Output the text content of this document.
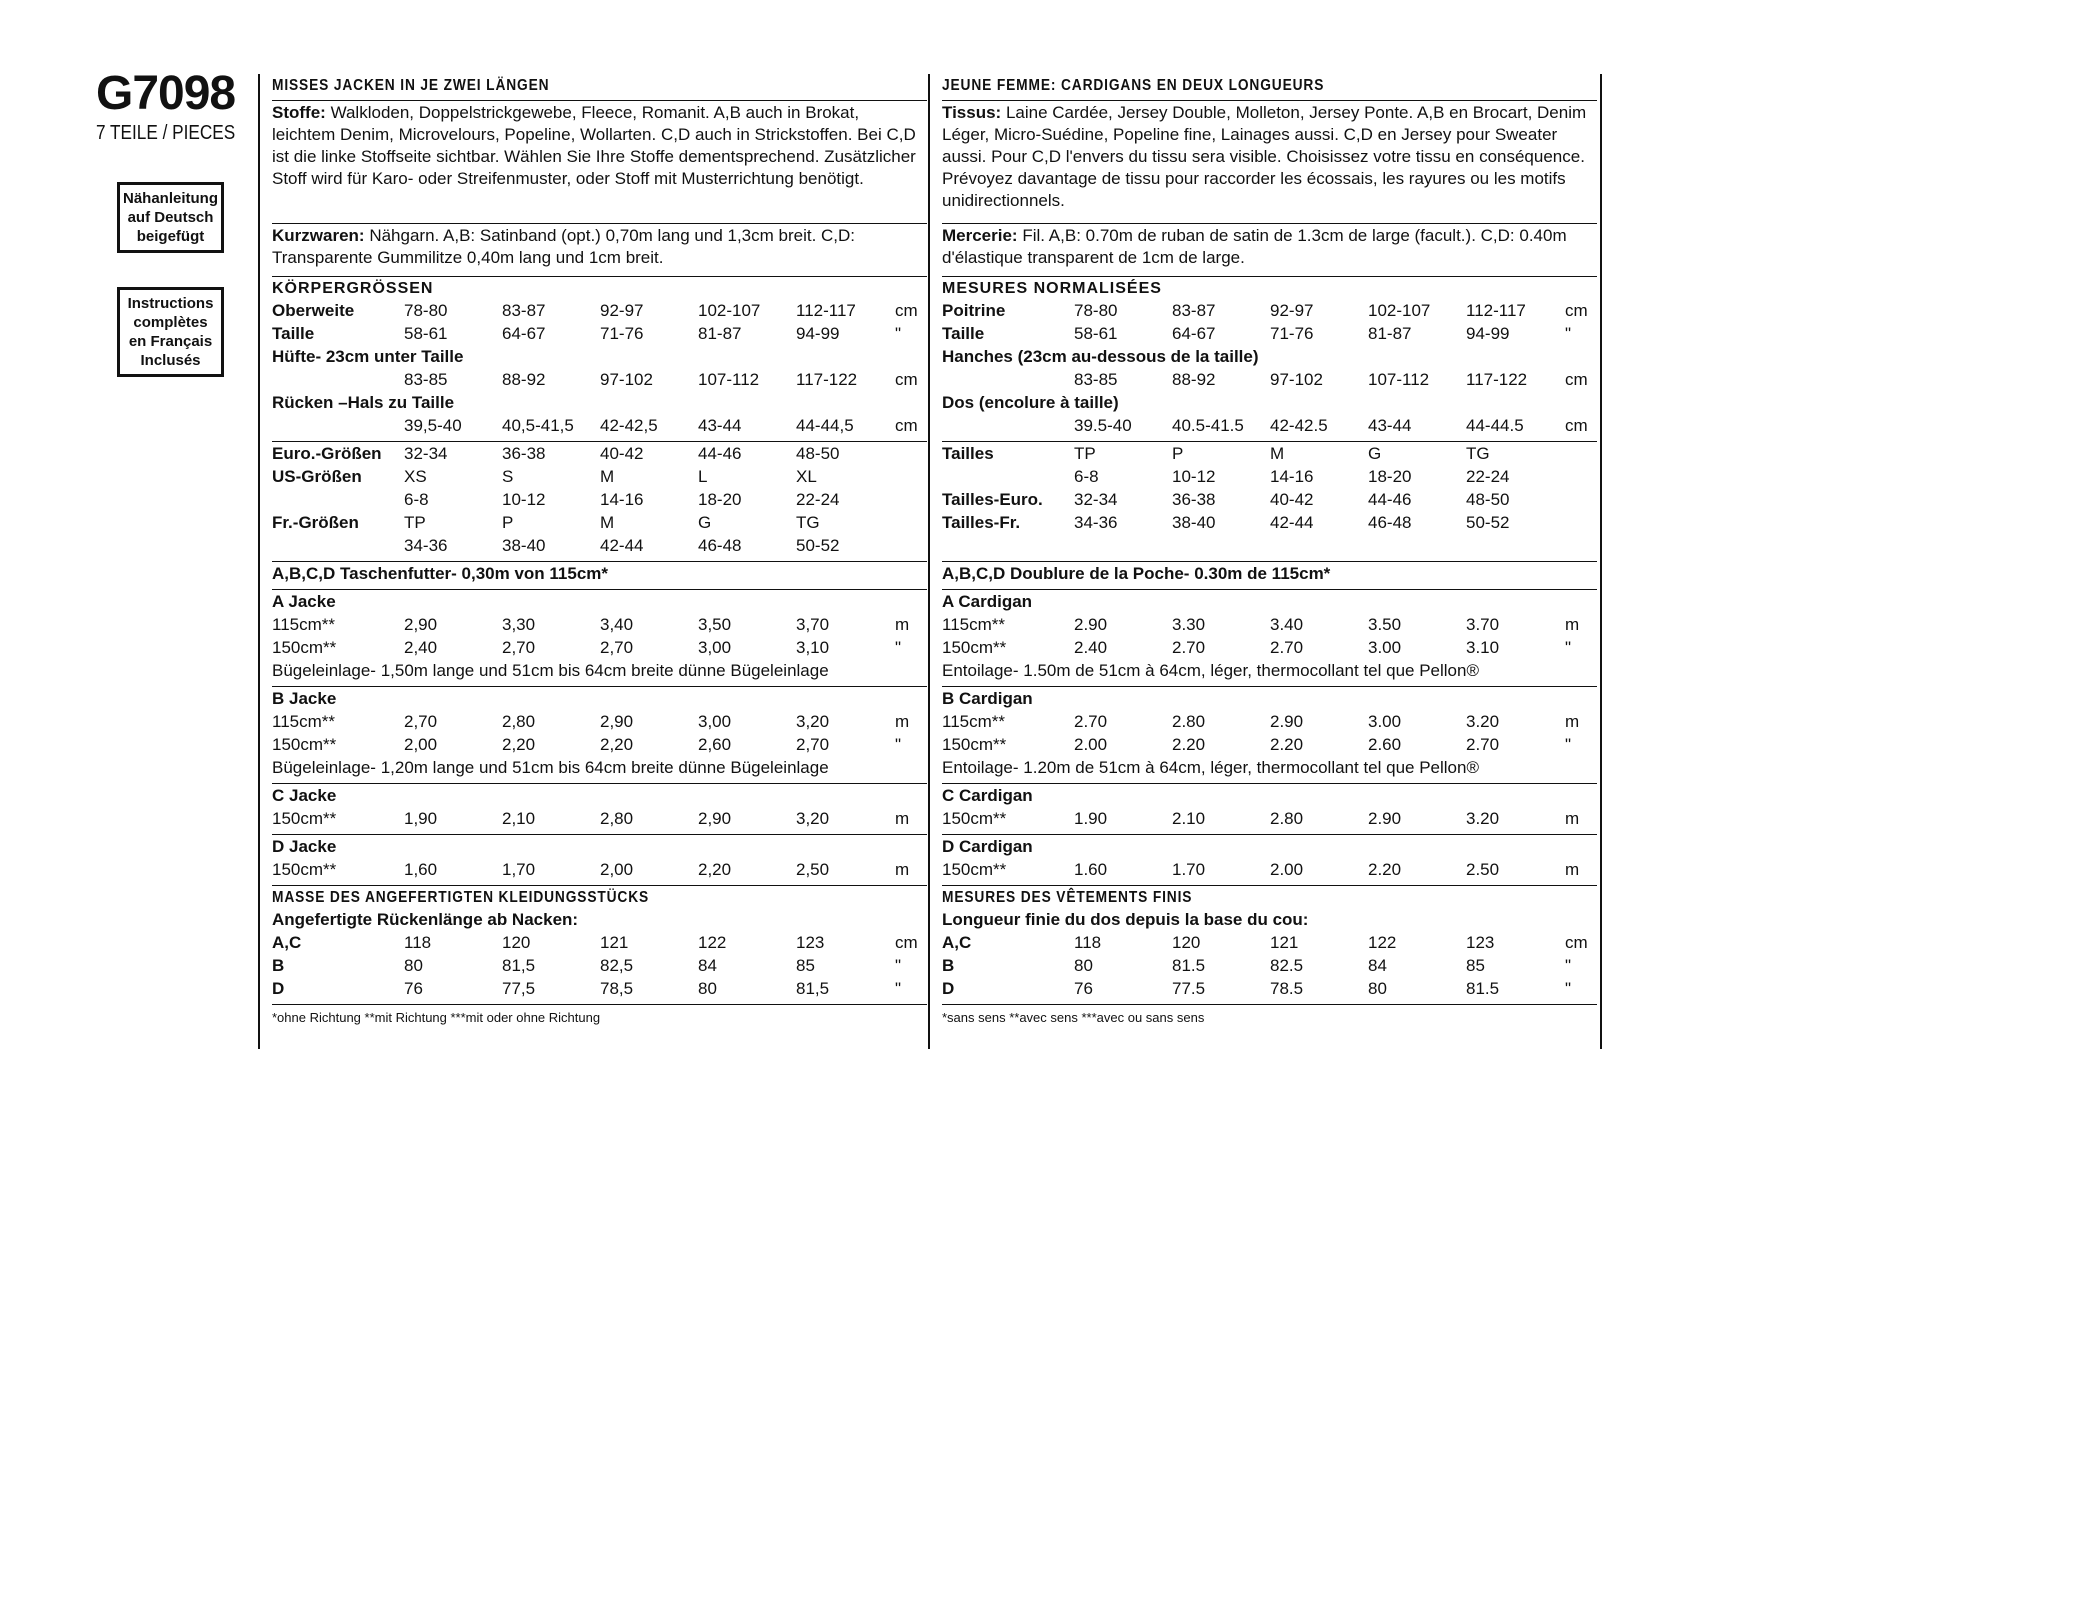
G7098
7 TEILE / PIECES
Nähanleitung
auf Deutsch
beigefügt
Instructions
complètes
en Français
Inclusés
MISSES JACKEN IN JE ZWEI LÄNGEN
Stoffe: Walkloden, Doppelstrickgewebe, Fleece, Romanit. A,B auch in Brokat, leichtem Denim, Microvelours, Popeline, Wollarten. C,D auch in Strickstoffen. Bei C,D ist die linke Stoffseite sichtbar. Wählen Sie Ihre Stoffe dementsprechend. Zusätzlicher Stoff wird für Karo- oder Streifenmuster, oder Stoff mit Musterrichtung benötigt.
Kurzwaren: Nähgarn. A,B: Satinband (opt.) 0,70m lang und 1,3cm breit. C,D: Transparente Gummilitze 0,40m lang und 1cm breit.
KÖRPERGRÖSSEN
Oberweite	78-80	83-87	92-97	102-107 112-117 cm
Taille	58-61	64-67	71-76	81-87	94-99	"
Hüfte- 23cm unter Taille
83-85	88-92	97-102	107-112 117-122 cm
Rücken –Hals zu Taille
39,5-40 40,5-41,5 42-42,5 43-44	44-44,5 cm
Euro.-Größen 32-34	36-38	40-42	44-46	48-50
US-Größen XS	S	M	L	XL
6-8	10-12	14-16	18-20	22-24
Fr.-Größen	TP	P	M	G	TG
34-36	38-40	42-44	46-48	50-52
A,B,C,D Taschenfutter- 0,30m von 115cm*
A Jacke
115cm**	2,90	3,30	3,40	3,50	3,70	m
150cm**	2,40	2,70	2,70	3,00	3,10	"
Bügeleinlage- 1,50m lange und 51cm bis 64cm breite dünne Bügeleinlage
B Jacke
115cm**	2,70	2,80	2,90	3,00	3,20	m
150cm**	2,00	2,20	2,20	2,60	2,70	"
Bügeleinlage- 1,20m lange und 51cm bis 64cm breite dünne Bügeleinlage
C Jacke
150cm**	1,90	2,10	2,80	2,90	3,20	m
D Jacke
150cm**	1,60	1,70	2,00	2,20	2,50	m
MASSE DES ANGEFERTIGTEN KLEIDUNGSSTÜCKS
Angefertigte Rückenlänge ab Nacken:
A,C	118	120	121	122	123	cm
B	80	81,5	82,5	84	85	"
D	76	77,5	78,5	80	81,5	"
*ohne Richtung **mit Richtung ***mit oder ohne Richtung
JEUNE FEMME: CARDIGANS EN DEUX LONGUEURS
Tissus: Laine Cardée, Jersey Double, Molleton, Jersey Ponte. A,B en Brocart, Denim Léger, Micro-Suédine, Popeline fine, Lainages aussi. C,D en Jersey pour Sweater aussi. Pour C,D l'envers du tissu sera visible. Choisissez votre tissu en conséquence. Prévoyez davantage de tissu pour raccorder les écossais, les rayures ou les motifs unidirectionnels.
Mercerie: Fil. A,B: 0.70m de ruban de satin de 1.3cm de large (facult.). C,D: 0.40m d'élastique transparent de 1cm de large.
MESURES NORMALISÉES
Poitrine	78-80	83-87	92-97	102-107 112-117 cm
Taille	58-61	64-67	71-76	81-87	94-99	"
Hanches (23cm au-dessous de la taille)
83-85	88-92	97-102	107-112 117-122 cm
Dos (encolure à taille)
39.5-40 40.5-41.5 42-42.5 43-44	44-44.5 cm
Tailles	TP	P	M	G	TG
6-8	10-12	14-16	18-20	22-24
Tailles-Euro. 32-34	36-38	40-42	44-46	48-50
Tailles-Fr.	34-36	38-40	42-44	46-48	50-52
A,B,C,D Doublure de la Poche- 0.30m de 115cm*
A Cardigan
115cm**	2.90	3.30	3.40	3.50	3.70	m
150cm**	2.40	2.70	2.70	3.00	3.10	"
Entoilage- 1.50m de 51cm à 64cm, léger, thermocollant tel que Pellon®
B Cardigan
115cm**	2.70	2.80	2.90	3.00	3.20	m
150cm**	2.00	2.20	2.20	2.60	2.70	"
Entoilage- 1.20m de 51cm à 64cm, léger, thermocollant tel que Pellon®
C Cardigan
150cm**	1.90	2.10	2.80	2.90	3.20	m
D Cardigan
150cm**	1.60	1.70	2.00	2.20	2.50	m
MESURES DES VÊTEMENTS FINIS
Longueur finie du dos depuis la base du cou:
A,C	118	120	121	122	123	cm
B	80	81.5	82.5	84	85	"
D	76	77.5	78.5	80	81.5	"
*sans sens **avec sens ***avec ou sans sens
